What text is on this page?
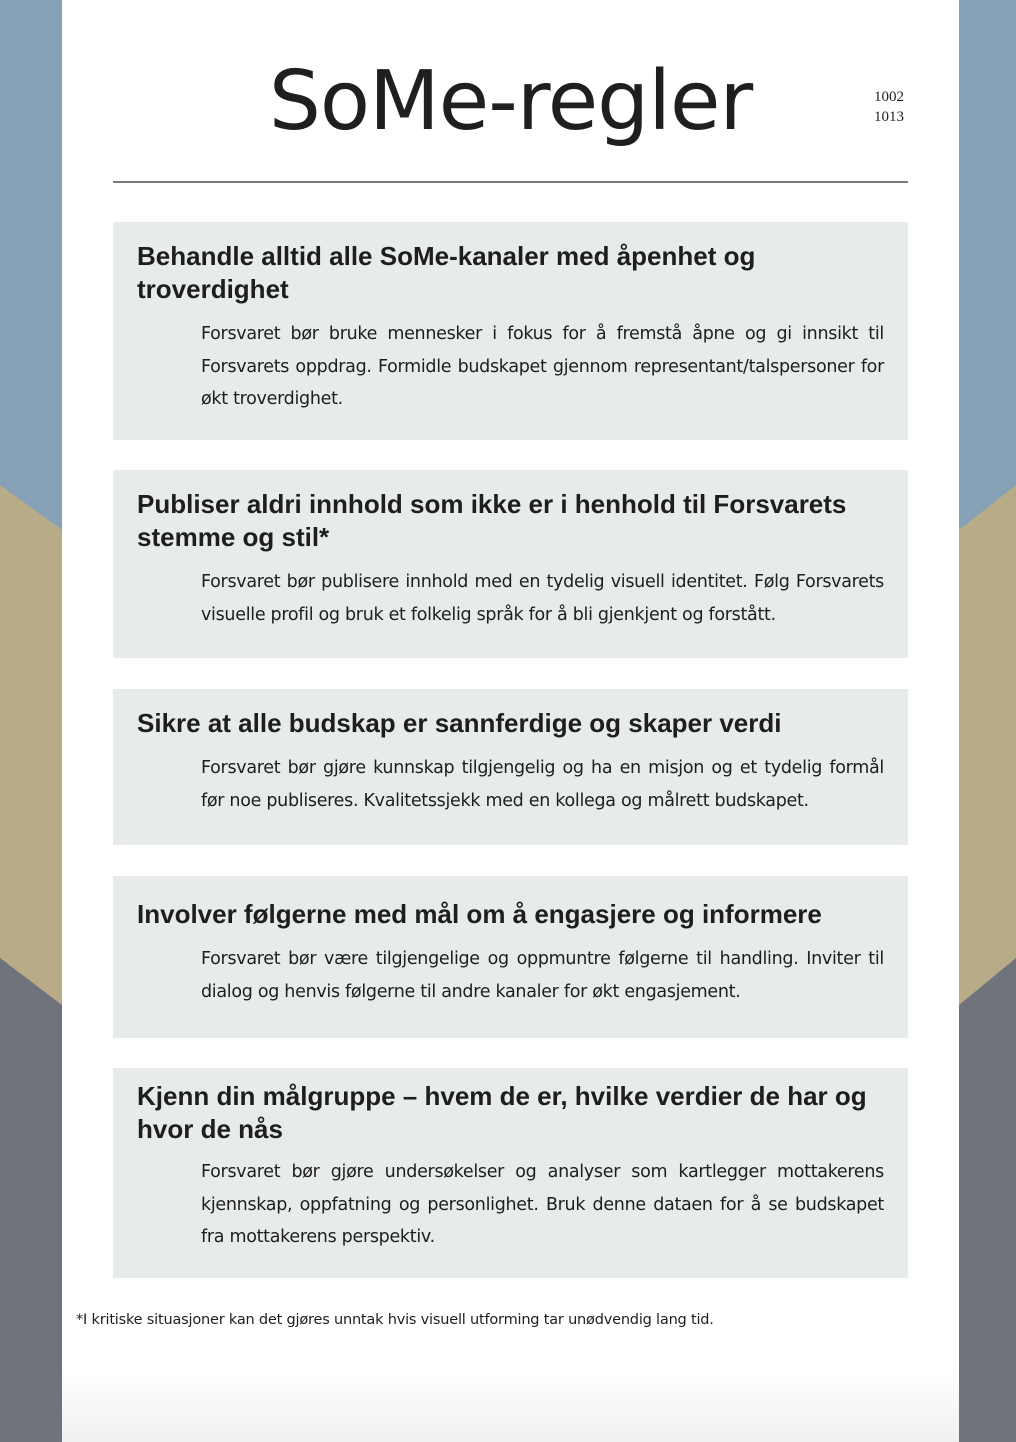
SoMe-regler	1002
1013
Behandle alltid alle SoMe-kanaler med åpenhet og troverdighet

Forsvaret bør bruke mennesker i fokus for å fremstå åpne og gi innsikt til Forsvarets oppdrag. Formidle budskapet gjennom representant/talspersoner for økt troverdighet.

Publiser aldri innhold som ikke er i henhold til Forsvarets stemme og stil*

Forsvaret bør publisere innhold med en tydelig visuell identitet. Følg Forsvarets visuelle profil og bruk et folkelig språk for å bli gjenkjent og forstått.

Sikre at alle budskap er sannferdige og skaper verdi

Forsvaret bør gjøre kunnskap tilgjengelig og ha en misjon og et tydelig formål før noe publiseres. Kvalitetssjekk med en kollega og målrett budskapet.

Involver følgerne med mål om å engasjere og informere

Forsvaret bør være tilgjengelige og oppmuntre følgerne til handling. Inviter til dialog og henvis følgerne til andre kanaler for økt engasjement.

Kjenn din målgruppe – hvem de er, hvilke verdier de har og hvor de nås

Forsvaret bør gjøre undersøkelser og analyser som kartlegger mottakerens kjennskap, oppfatning og personlighet. Bruk denne dataen for å se budskapet fra mottakerens perspektiv.

*I kritiske situasjoner kan det gjøres unntak hvis visuell utforming tar unødvendig lang tid.
